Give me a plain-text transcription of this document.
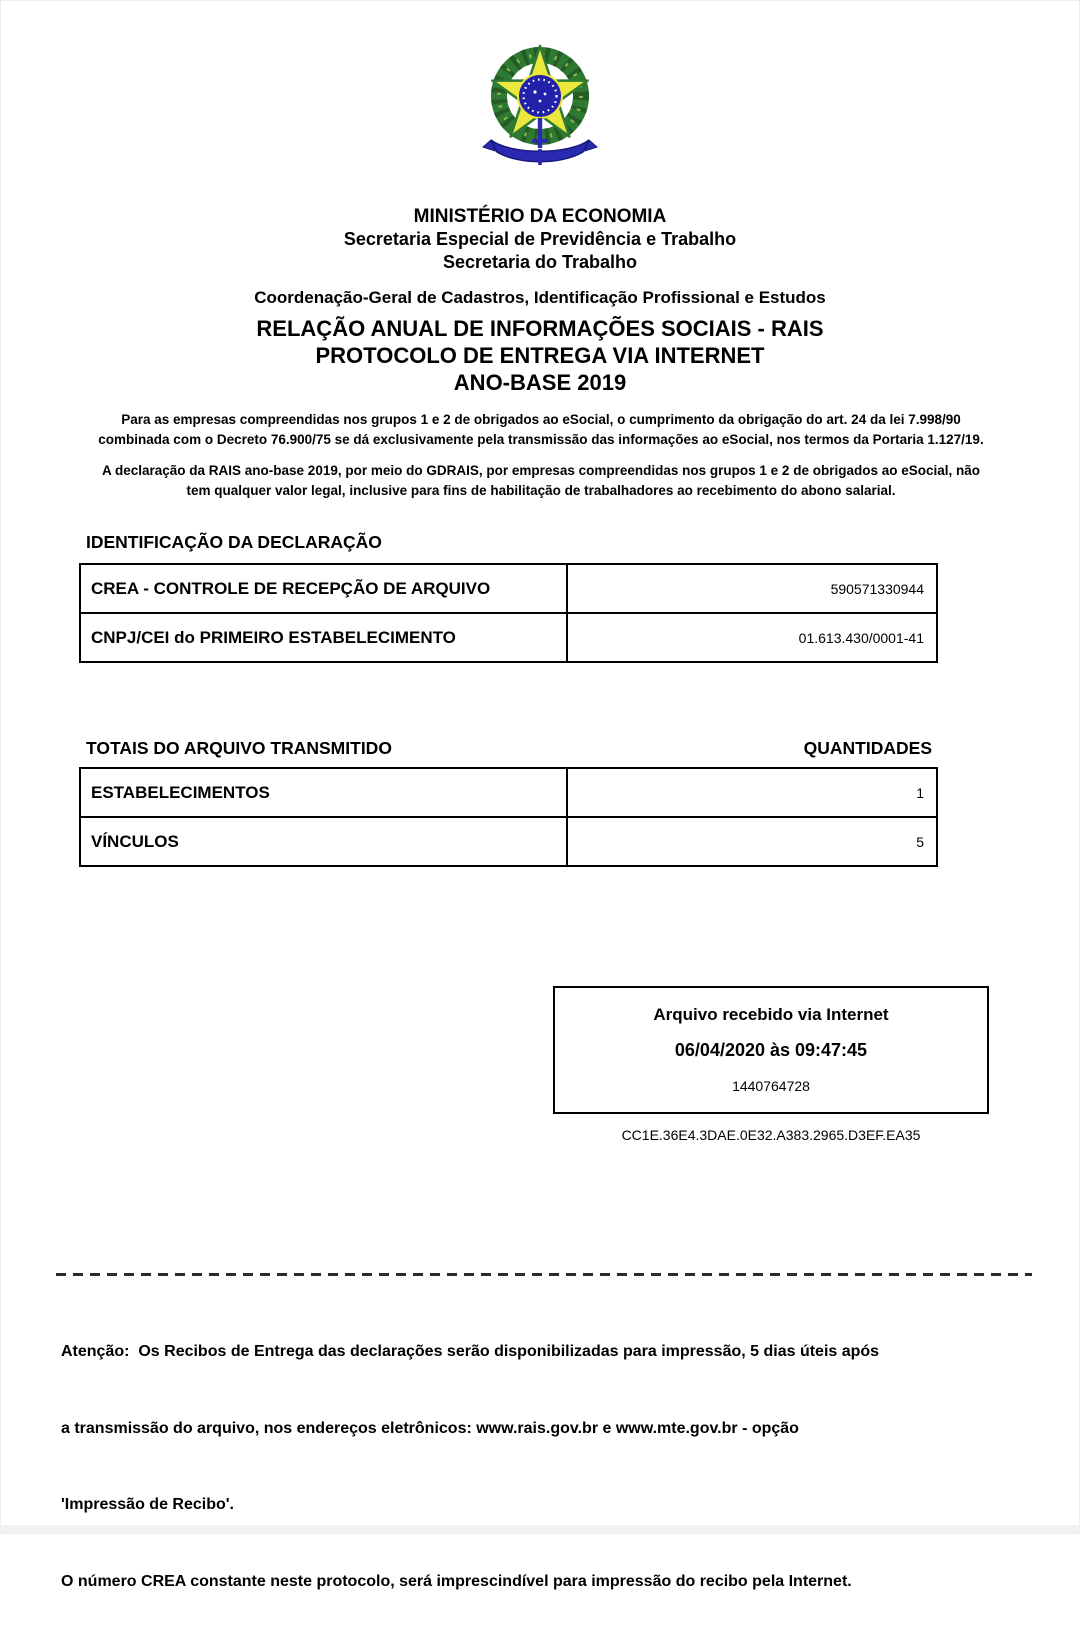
MINISTÉRIO DA ECONOMIA
Secretaria Especial de Previdência e Trabalho
Secretaria do Trabalho
Coordenação-Geral de Cadastros, Identificação Profissional e Estudos
RELAÇÃO ANUAL DE INFORMAÇÕES SOCIAIS - RAIS
PROTOCOLO DE ENTREGA VIA INTERNET
ANO-BASE 2019
Para as empresas compreendidas nos grupos 1 e 2 de obrigados ao eSocial, o cumprimento da obrigação do art. 24 da lei 7.998/90
combinada com o Decreto 76.900/75 se dá exclusivamente pela transmissão das informações ao eSocial, nos termos da Portaria 1.127/19.
A declaração da RAIS ano-base 2019, por meio do GDRAIS, por empresas compreendidas nos grupos 1 e 2 de obrigados ao eSocial, não
tem qualquer valor legal, inclusive para fins de habilitação de trabalhadores ao recebimento do abono salarial.
IDENTIFICAÇÃO DA DECLARAÇÃO
CREA - CONTROLE DE RECEPÇÃO DE ARQUIVO	590571330944
CNPJ/CEI do PRIMEIRO ESTABELECIMENTO	01.613.430/0001-41
TOTAIS DO ARQUIVO TRANSMITIDO	QUANTIDADES
ESTABELECIMENTOS	1
VÍNCULOS	5
Arquivo recebido via Internet
06/04/2020 às 09:47:45
1440764728
CC1E.36E4.3DAE.0E32.A383.2965.D3EF.EA35

Atenção:  Os Recibos de Entrega das declarações serão disponibilizadas para impressão, 5 dias úteis após

a transmissão do arquivo, nos endereços eletrônicos: www.rais.gov.br e www.mte.gov.br - opção

'Impressão de Recibo'.

O número CREA constante neste protocolo, será imprescindível para impressão do recibo pela Internet.
